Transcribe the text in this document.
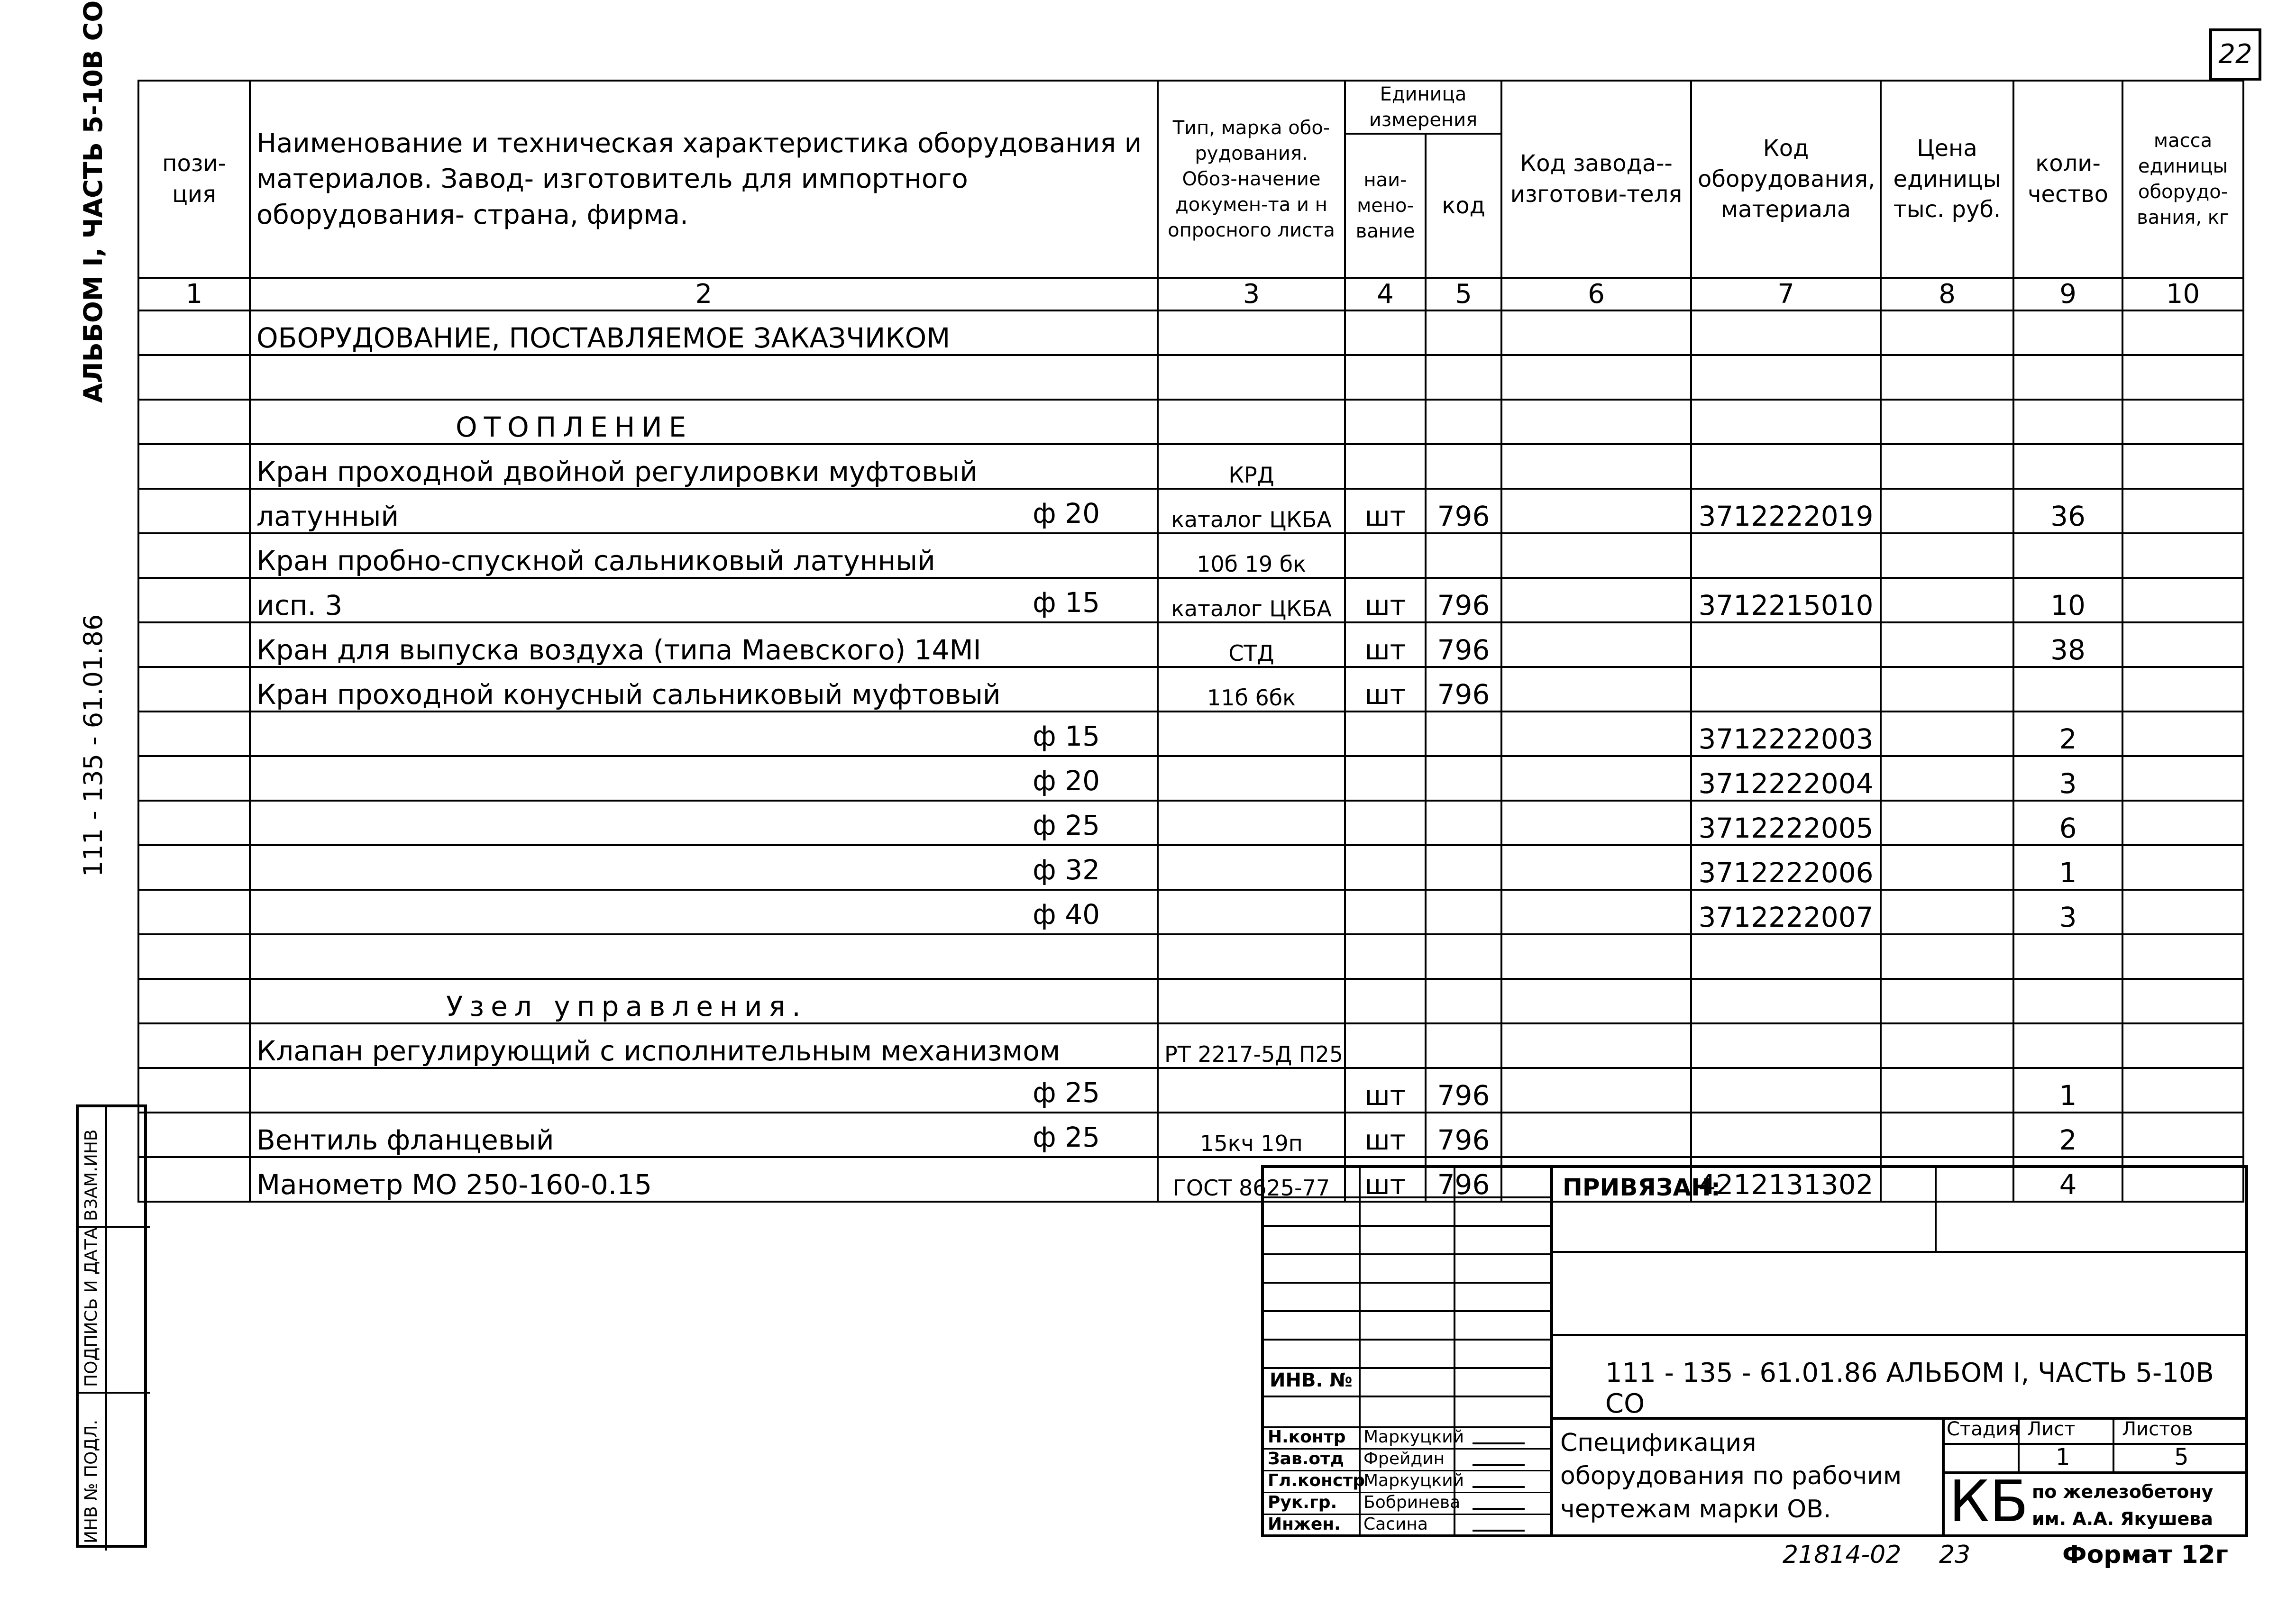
22
АЛЬБОМ I, ЧАСТЬ 5-10В СО
111 - 135 - 61.01.86
ВЗАМ.ИНВ
ПОДПИСЬ И ДАТА
ИНВ № ПОДЛ.
пози-ция	Наименование и техническая характеристика оборудования и материалов. Завод- изготовитель для импортного оборудования- страна, фирма.	Тип, марка обо-рудования. Обоз-начение докумен-та и н опросного листа	Единица измерения		Код завода--изготови-теля	Код оборудования, материала	Цена единицы тыс. руб.	коли-чество	масса единицы оборудо-вания, кг
			наи-мено-вание	код					
1	2	3	4	5	6	7	8	9	10
	ОБОРУДОВАНИЕ, ПОСТАВЛЯЕМОЕ ЗАКАЗЧИКОМ

	ОТОПЛЕНИЕ

	Кран проходной двойной регулировки муфтовый	КРД							
	латунный ф 20	каталог ЦКБА	шт	796		3712222019		36	
	Кран пробно-спускной сальниковый латунный	10б 19 бк							
	исп. 3 ф 15	каталог ЦКБА	шт	796		3712215010		10	
	Кран для выпуска воздуха (типа Маевского) 14МI	СТД	шт	796				38	
	Кран проходной конусный сальниковый муфтовый	11б 6бк	шт	796					

	ф 15					3712222003		2	

	ф 20					3712222004		3	

	ф 25					3712222005		6	

	ф 32					3712222006		1	

	ф 40					3712222007		3	

	Узел управления.

	Клапан регулирующий с исполнительным механизмом	РТ 2217-5Д П25							

	ф 25		шт	796				1	
	Вентиль фланцевый ф 25	15кч 19п	шт	796				2	
	Манометр МО 250-160-0.15	ГОСТ 8625-77	шт	796		4212131302		4	
ИНВ. №
Н.контр Маркуцкий
Зав.отд Фрейдин
Гл.констр
Маркуцкий
Рук.гр. Бобринева
Инжен. Сасина
ПРИВЯЗАН:
111 - 135 - 61.01.86 АЛЬБОМ I, ЧАСТЬ 5-10В СО
Спецификация оборудования по рабочим чертежам марки ОВ.
Стадия Лист Листов
1	5
КБ по железобетону им. А.А. Якушева
21814-02 23	Формат 12г
